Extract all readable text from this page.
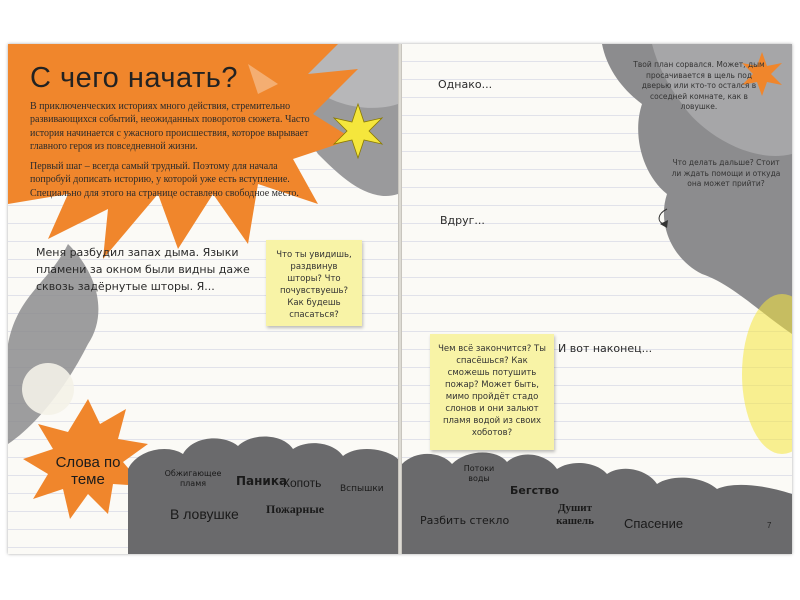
С чего начать?

В приключенческих историях много действия, стремительно развивающихся событий, неожиданных поворотов сюжета. Часто история начинается с ужасного происшествия, которое вырывает главного героя из повседневной жизни.

Первый шаг – всегда самый трудный. Поэтому для начала попробуй дописать историю, у которой уже есть вступление. Специально для этого на странице оставлено свободное место.

Меня разбудил запах дыма. Языки пламени за окном были видны даже сквозь задёрнутые шторы. Я...
Что ты увидишь, раздвинув шторы? Что почувствуешь? Как будешь спасаться?
Слова по теме	Обжигающее пламя	Паника
Копоть Вспышки
В ловушке Пожарные
Однако...
Вдруг...
И вот наконец...
Твой план сорвался. Может, дым просачивается в щель под дверью или кто-то остался в соседней комнате, как в ловушке.
Что делать дальше? Стоит ли ждать помощи и откуда она может прийти?
Чем всё закончится? Ты спасёшься? Как сможешь потушить пожар? Может быть, мимо пройдёт стадо слонов и они зальют пламя водой из своих хоботов?
Потоки воды
Бегство
Разбить стекло
Душит кашель	Спасение	7
